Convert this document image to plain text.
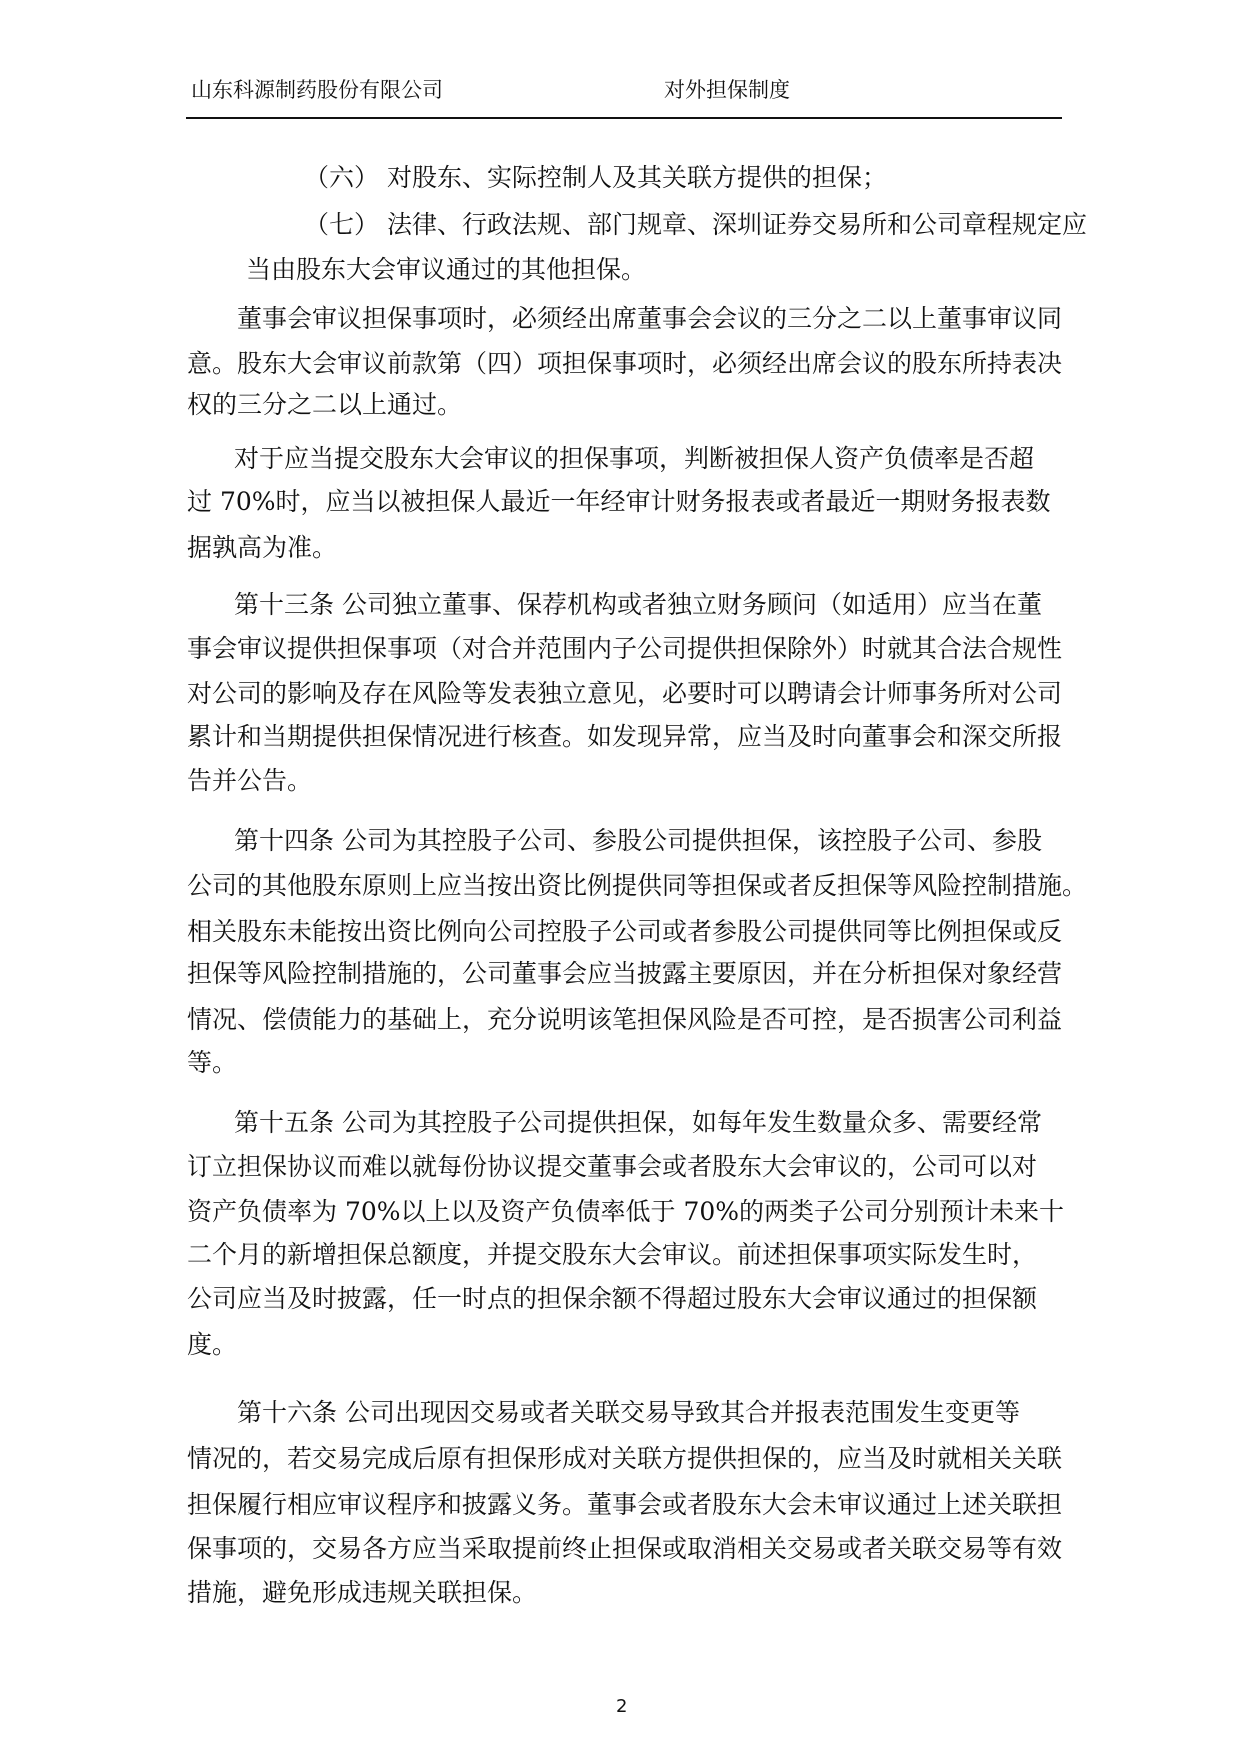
山东科源制药股份有限公司	对外担保制度
（六） 对股东、实际控制人及其关联方提供的担保；
（七） 法律、行政法规、部门规章、深圳证券交易所和公司章程规定应
当由股东大会审议通过的其他担保。
董事会审议担保事项时，必须经出席董事会会议的三分之二以上董事审议同
意。股东大会审议前款第（四）项担保事项时，必须经出席会议的股东所持表决
权的三分之二以上通过。
对于应当提交股东大会审议的担保事项，判断被担保人资产负债率是否超
过 70%时，应当以被担保人最近一年经审计财务报表或者最近一期财务报表数
据孰高为准。
第十三条 公司独立董事、保荐机构或者独立财务顾问（如适用）应当在董
事会审议提供担保事项（对合并范围内子公司提供担保除外）时就其合法合规性
对公司的影响及存在风险等发表独立意见，必要时可以聘请会计师事务所对公司
累计和当期提供担保情况进行核查。如发现异常，应当及时向董事会和深交所报
告并公告。
第十四条 公司为其控股子公司、参股公司提供担保，该控股子公司、参股
公司的其他股东原则上应当按出资比例提供同等担保或者反担保等风险控制措施。
相关股东未能按出资比例向公司控股子公司或者参股公司提供同等比例担保或反
担保等风险控制措施的，公司董事会应当披露主要原因，并在分析担保对象经营
情况、偿债能力的基础上，充分说明该笔担保风险是否可控，是否损害公司利益
等。
第十五条 公司为其控股子公司提供担保，如每年发生数量众多、需要经常
订立担保协议而难以就每份协议提交董事会或者股东大会审议的，公司可以对
资产负债率为 70%以上以及资产负债率低于 70%的两类子公司分别预计未来十
二个月的新增担保总额度，并提交股东大会审议。前述担保事项实际发生时，
公司应当及时披露，任一时点的担保余额不得超过股东大会审议通过的担保额
度。
第十六条 公司出现因交易或者关联交易导致其合并报表范围发生变更等
情况的，若交易完成后原有担保形成对关联方提供担保的，应当及时就相关关联
担保履行相应审议程序和披露义务。董事会或者股东大会未审议通过上述关联担
保事项的，交易各方应当采取提前终止担保或取消相关交易或者关联交易等有效
措施，避免形成违规关联担保。
2
